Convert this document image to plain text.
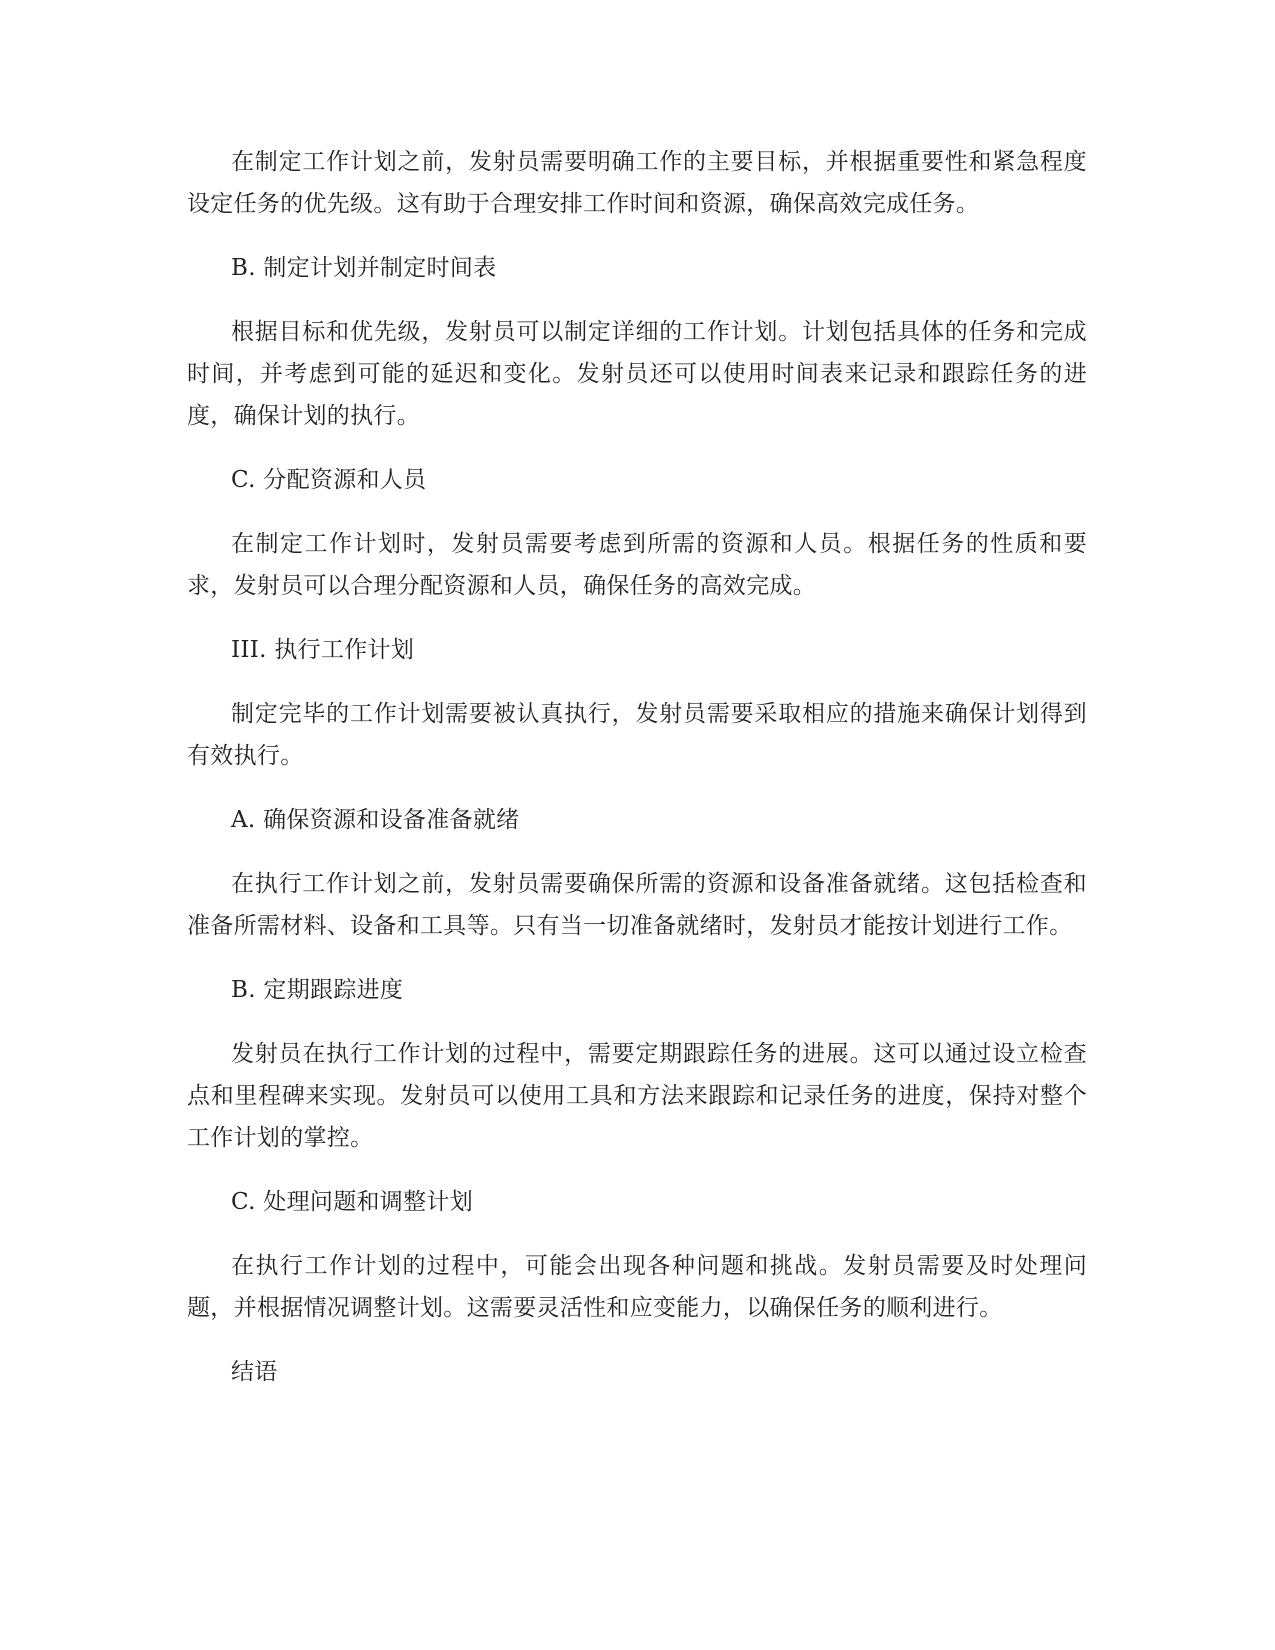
在制定工作计划之前，发射员需要明确工作的主要目标，并根据重要性和紧急程度设定任务的优先级。这有助于合理安排工作时间和资源，确保高效完成任务。

B. 制定计划并制定时间表

根据目标和优先级，发射员可以制定详细的工作计划。计划包括具体的任务和完成时间，并考虑到可能的延迟和变化。发射员还可以使用时间表来记录和跟踪任务的进度，确保计划的执行。

C. 分配资源和人员

在制定工作计划时，发射员需要考虑到所需的资源和人员。根据任务的性质和要求，发射员可以合理分配资源和人员，确保任务的高效完成。

III. 执行工作计划

制定完毕的工作计划需要被认真执行，发射员需要采取相应的措施来确保计划得到有效执行。

A. 确保资源和设备准备就绪

在执行工作计划之前，发射员需要确保所需的资源和设备准备就绪。这包括检查和准备所需材料、设备和工具等。只有当一切准备就绪时，发射员才能按计划进行工作。

B. 定期跟踪进度

发射员在执行工作计划的过程中，需要定期跟踪任务的进展。这可以通过设立检查点和里程碑来实现。发射员可以使用工具和方法来跟踪和记录任务的进度，保持对整个工作计划的掌控。

C. 处理问题和调整计划

在执行工作计划的过程中，可能会出现各种问题和挑战。发射员需要及时处理问题，并根据情况调整计划。这需要灵活性和应变能力，以确保任务的顺利进行。

结语
